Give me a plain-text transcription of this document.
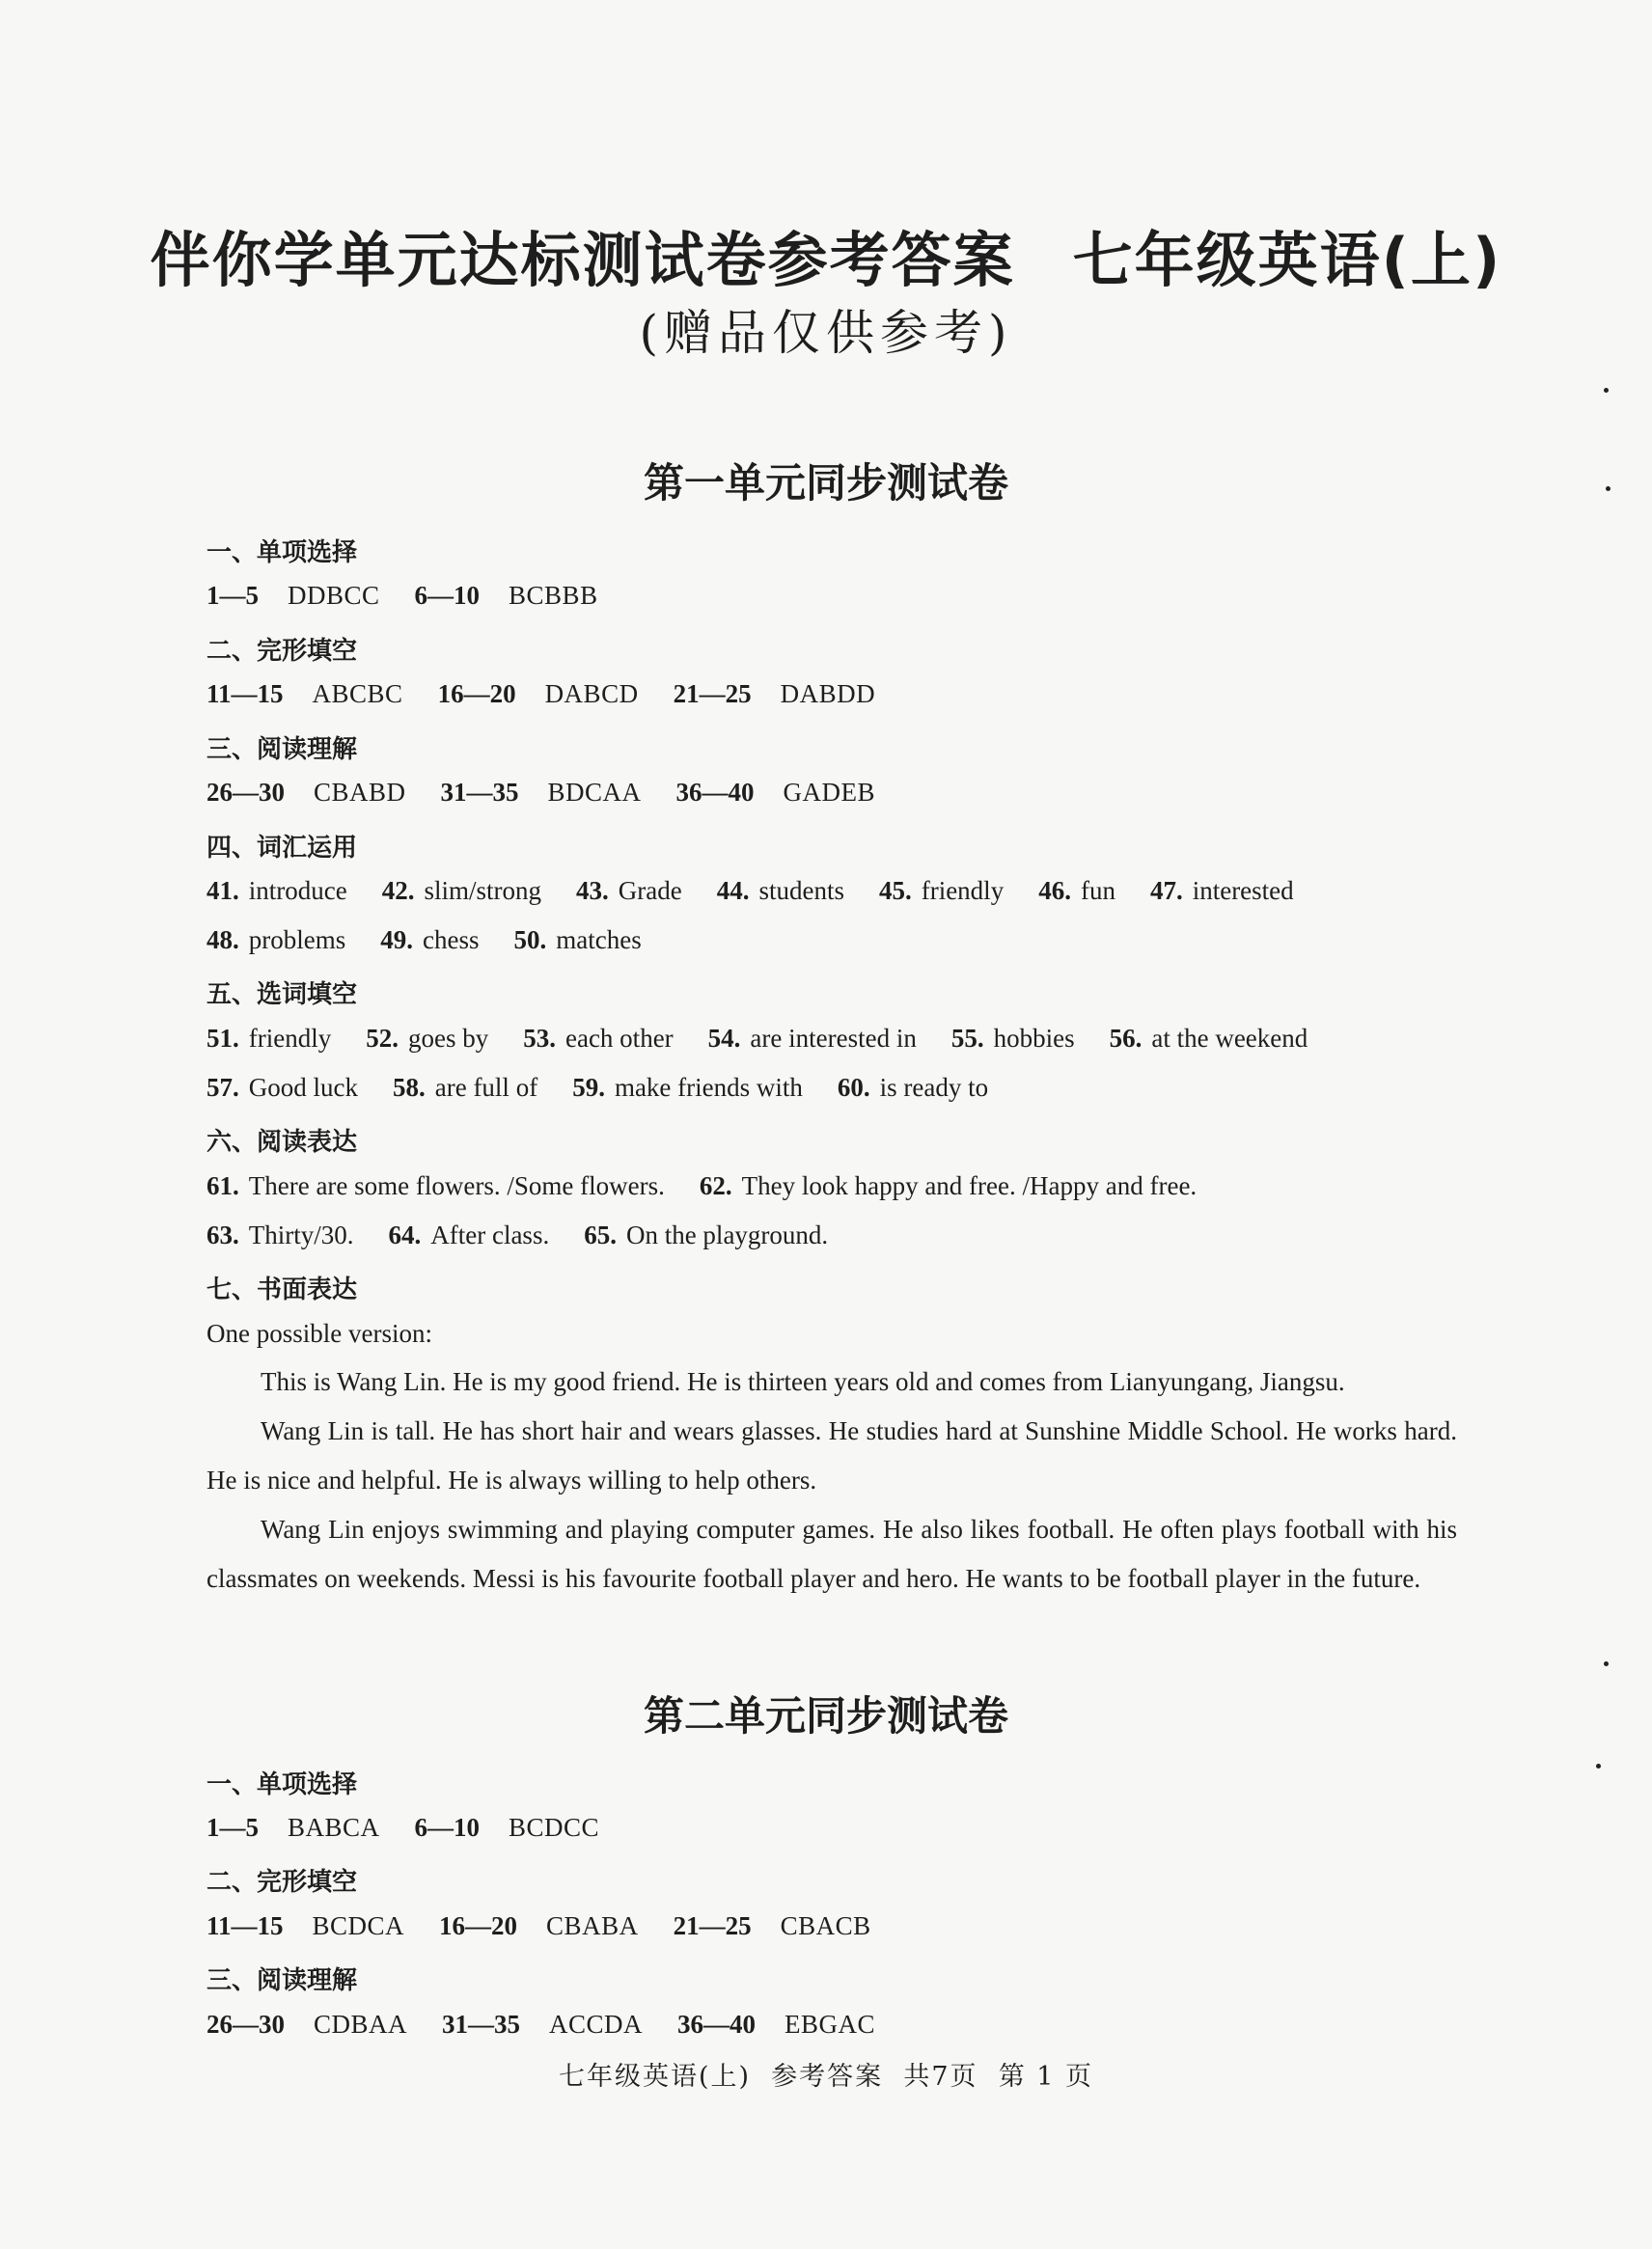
伴你学单元达标测试卷参考答案 七年级英语(上)
(赠品仅供参考)
第一单元同步测试卷
一、单项选择
1—5 DDBCC 6—10 BCBBB
二、完形填空
11—15 ABCBC 16—20 DABCD 21—25 DABDD
三、阅读理解
26—30 CBABD 31—35 BDCAA 36—40 GADEB
四、词汇运用
41. introduce 42. slim/strong 43. Grade 44. students 45. friendly 46. fun 47. interested
48. problems 49. chess 50. matches
五、选词填空
51. friendly 52. goes by 53. each other 54. are interested in 55. hobbies 56. at the weekend
57. Good luck 58. are full of 59. make friends with 60. is ready to
六、阅读表达
61. There are some flowers. /Some flowers. 62. They look happy and free. /Happy and free.
63. Thirty/30. 64. After class. 65. On the playground.
七、书面表达
One possible version:

This is Wang Lin. He is my good friend. He is thirteen years old and comes from Lianyungang, Jiangsu.

Wang Lin is tall. He has short hair and wears glasses. He studies hard at Sunshine Middle School. He works hard. He is nice and helpful. He is always willing to help others.

Wang Lin enjoys swimming and playing computer games. He also likes football. He often plays football with his classmates on weekends. Messi is his favourite football player and hero. He wants to be football player in the future.

第二单元同步测试卷
一、单项选择
1—5 BABCA 6—10 BCDCC
二、完形填空
11—15 BCDCA 16—20 CBABA 21—25 CBACB
三、阅读理解
26—30 CDBAA 31—35 ACCDA 36—40 EBGAC
七年级英语(上)  参考答案  共7页  第 1 页
